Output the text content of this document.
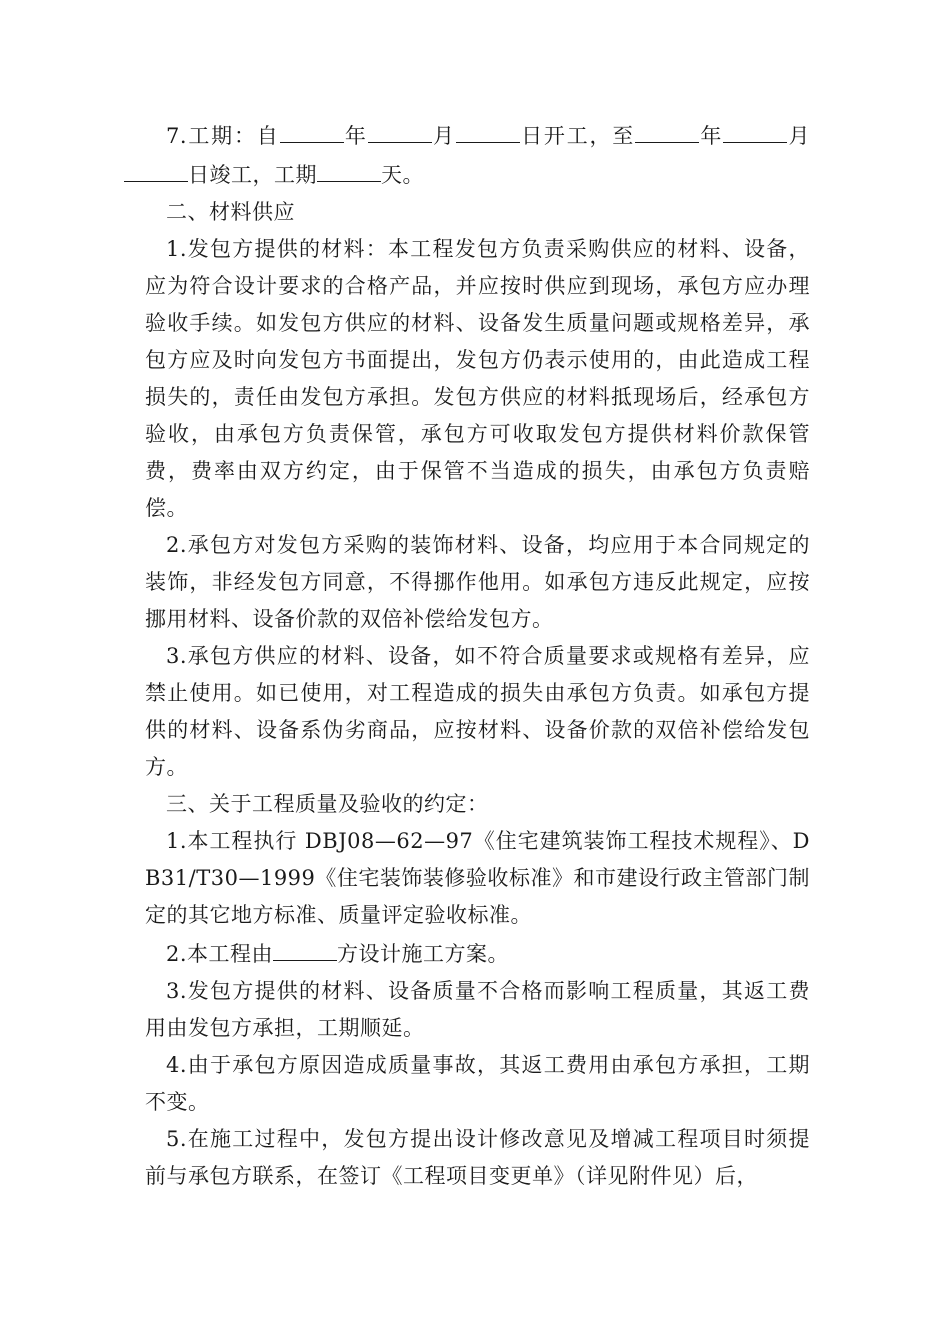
7.工期：自	年	月	日开工，至	年	月日竣工，工期	天。

二、材料供应

1.发包方提供的材料：本工程发包方负责采购供应的材料、设备，应为符合设计要求的合格产品，并应按时供应到现场，承包方应办理验收手续。如发包方供应的材料、设备发生质量问题或规格差异，承包方应及时向发包方书面提出，发包方仍表示使用的，由此造成工程损失的，责任由发包方承担。发包方供应的材料抵现场后，经承包方验收，由承包方负责保管，承包方可收取发包方提供材料价款保管费，费率由双方约定，由于保管不当造成的损失，由承包方负责赔偿。

2.承包方对发包方采购的装饰材料、设备，均应用于本合同规定的装饰，非经发包方同意，不得挪作他用。如承包方违反此规定，应按挪用材料、设备价款的双倍补偿给发包方。

3.承包方供应的材料、设备，如不符合质量要求或规格有差异，应禁止使用。如已使用，对工程造成的损失由承包方负责。如承包方提供的材料、设备系伪劣商品，应按材料、设备价款的双倍补偿给发包方。

三、关于工程质量及验收的约定：

1.本工程执行 DBJ08—62—97《住宅建筑装饰工程技术规程》、DB31/T30—1999《住宅装饰装修验收标准》和市建设行政主管部门制定的其它地方标准、质量评定验收标准。

2.本工程由	方设计施工方案。

3.发包方提供的材料、设备质量不合格而影响工程质量，其返工费用由发包方承担，工期顺延。

4.由于承包方原因造成质量事故，其返工费用由承包方承担，工期不变。

5.在施工过程中，发包方提出设计修改意见及增减工程项目时须提前与承包方联系，在签订《工程项目变更单》（详见附件见）后，
